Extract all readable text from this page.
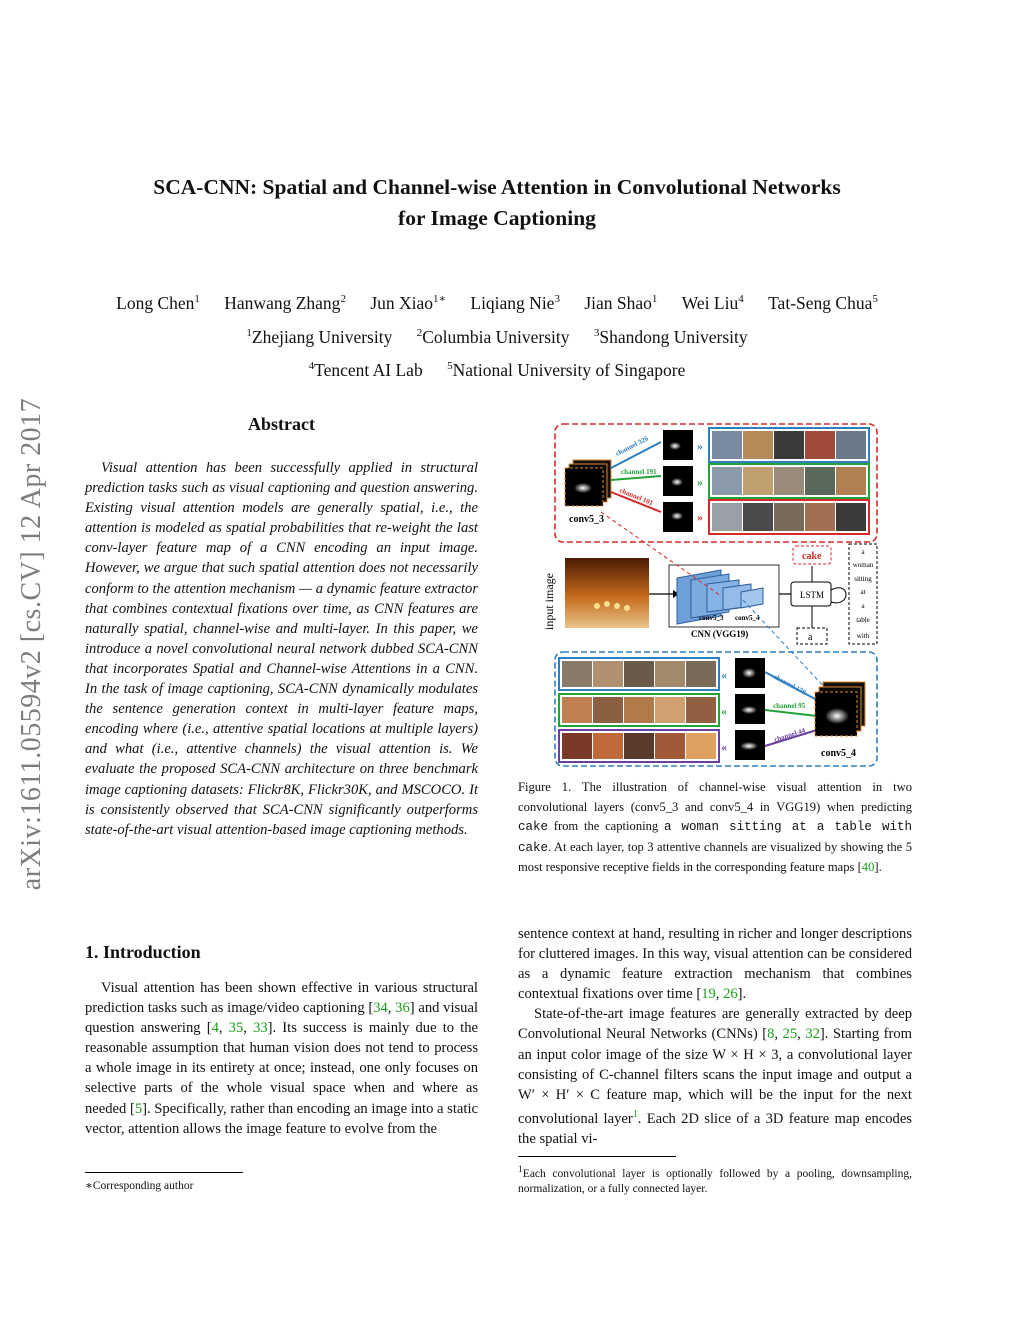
arXiv:1611.05594v2 [cs.CV] 12 Apr 2017
SCA-CNN: Spatial and Channel-wise Attention in Convolutional Networks
for Image Captioning
Long Chen$^1$ Hanwang Zhang$^2$ Jun Xiao$^{1∗}$ Liqiang Nie$^3$ Jian Shao$^1$ Wei Liu$^4$ Tat-Seng Chua$^5$
$^1$Zhejiang University $^2$Columbia University $^3$Shandong University
$^4$Tencent AI Lab $^5$National University of Singapore
Abstract

Visual attention has been successfully applied in structural prediction tasks such as visual captioning and question answering. Existing visual attention models are generally spatial, i.e., the attention is modeled as spatial probabilities that re-weight the last conv-layer feature map of a CNN encoding an input image. However, we argue that such spatial attention does not necessarily conform to the attention mechanism — a dynamic feature extractor that combines contextual fixations over time, as CNN features are naturally spatial, channel-wise and multi-layer. In this paper, we introduce a novel convolutional neural network dubbed SCA-CNN that incorporates Spatial and Channel-wise Attentions in a CNN. In the task of image captioning, SCA-CNN dynamically modulates the sentence generation context in multi-layer feature maps, encoding where (i.e., attentive spatial locations at multiple layers) and what (i.e., attentive channels) the visual attention is. We evaluate the proposed SCA-CNN architecture on three benchmark image captioning datasets: Flickr8K, Flickr30K, and MSCOCO. It is consistently observed that SCA-CNN significantly outperforms state-of-the-art visual attention-based image captioning methods.

1. Introduction

Visual attention has been shown effective in various structural prediction tasks such as image/video captioning [34, 36] and visual question answering [4, 35, 33]. Its success is mainly due to the reasonable assumption that human vision does not tend to process a whole image in its entirety at once; instead, one only focuses on selective parts of the whole visual space when and where as needed [5]. Specifically, rather than encoding an image into a static vector, attention allows the image feature to evolve from the

∗Corresponding author
conv5_3
channel 326
channel 191
channel 101
»
»
»
input image	conv5_3 conv5_4
CNN (VGG19)
LSTM
cake
a
a
woman
sitting
at
a
table
with
«
«
«
channel 178
channel 95
channel 44
conv5_4
Figure 1. The illustration of channel-wise visual attention in two convolutional layers (conv5_3 and conv5_4 in VGG19) when predicting cake from the captioning a woman sitting at a table with cake. At each layer, top 3 attentive channels are visualized by showing the 5 most responsive receptive fields in the corresponding feature maps [40].

sentence context at hand, resulting in richer and longer descriptions for cluttered images. In this way, visual attention can be considered as a dynamic feature extraction mechanism that combines contextual fixations over time [19, 26].

State-of-the-art image features are generally extracted by deep Convolutional Neural Networks (CNNs) [8, 25, 32]. Starting from an input color image of the size W × H × 3, a convolutional layer consisting of C-channel filters scans the input image and output a W′ × H′ × C feature map, which will be the input for the next convolutional layer$^1$. Each 2D slice of a 3D feature map encodes the spatial vi-

$^1$Each convolutional layer is optionally followed by a pooling, downsampling, normalization, or a fully connected layer.
